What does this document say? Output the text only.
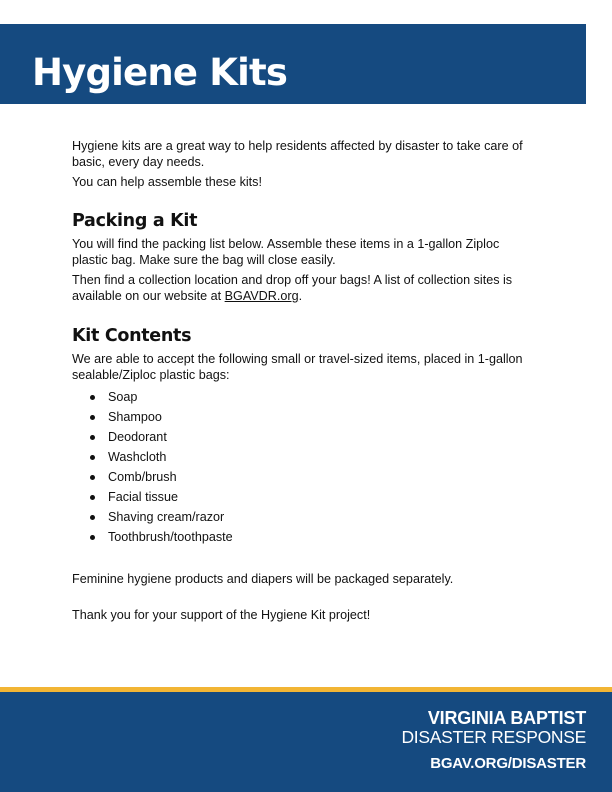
Hygiene Kits

Hygiene kits are a great way to help residents affected by disaster to take care of basic, every day needs.

You can help assemble these kits!

Packing a Kit

You will find the packing list below. Assemble these items in a 1-gallon Ziploc plastic bag. Make sure the bag will close easily.

Then find a collection location and drop off your bags! A list of collection sites is available on our website at BGAVDR.org.

Kit Contents

We are able to accept the following small or travel-sized items, placed in 1-gallon sealable/Ziploc plastic bags:

Soap
Shampoo
Deodorant
Washcloth
Comb/brush
Facial tissue
Shaving cream/razor
Toothbrush/toothpaste

Feminine hygiene products and diapers will be packaged separately.

Thank you for your support of the Hygiene Kit project!

VIRGINIA BAPTIST
DISASTER RESPONSE
BGAV.ORG/DISASTER
